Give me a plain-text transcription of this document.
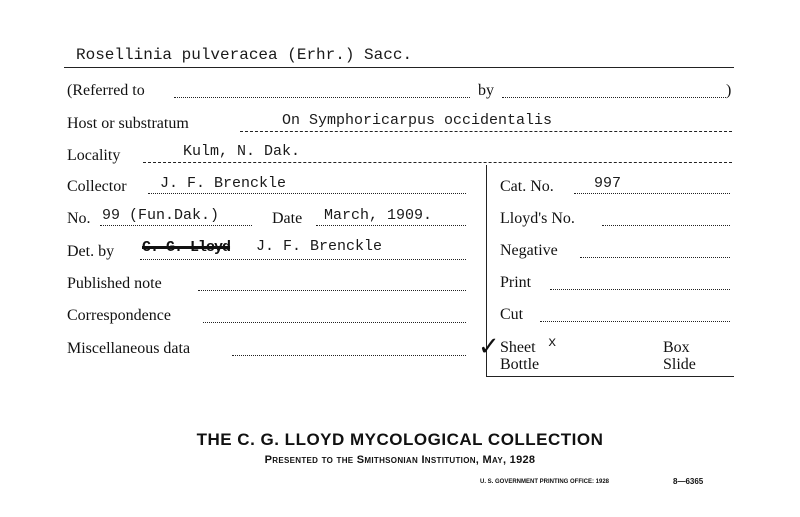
Rosellinia pulveracea (Erhr.) Sacc.
(Referred to	by	)
Host or substratum	On Symphoricarpus occidentalis
Locality	Kulm, N. Dak.
Collector J. F. Brenckle
No. 99 (Fun.Dak.)	Date March, 1909.
Det. by C. G. Lloyd J. F. Brenckle
Published note
Correspondence
Miscellaneous data
Cat. No.	997
Lloyd's No.
Negative
Print
Cut
✓ Sheet x	Box
Bottle	Slide
THE C. G. LLOYD MYCOLOGICAL COLLECTION
Presented to the Smithsonian Institution, May, 1928
U. S. GOVERNMENT PRINTING OFFICE: 1928	8—6365
